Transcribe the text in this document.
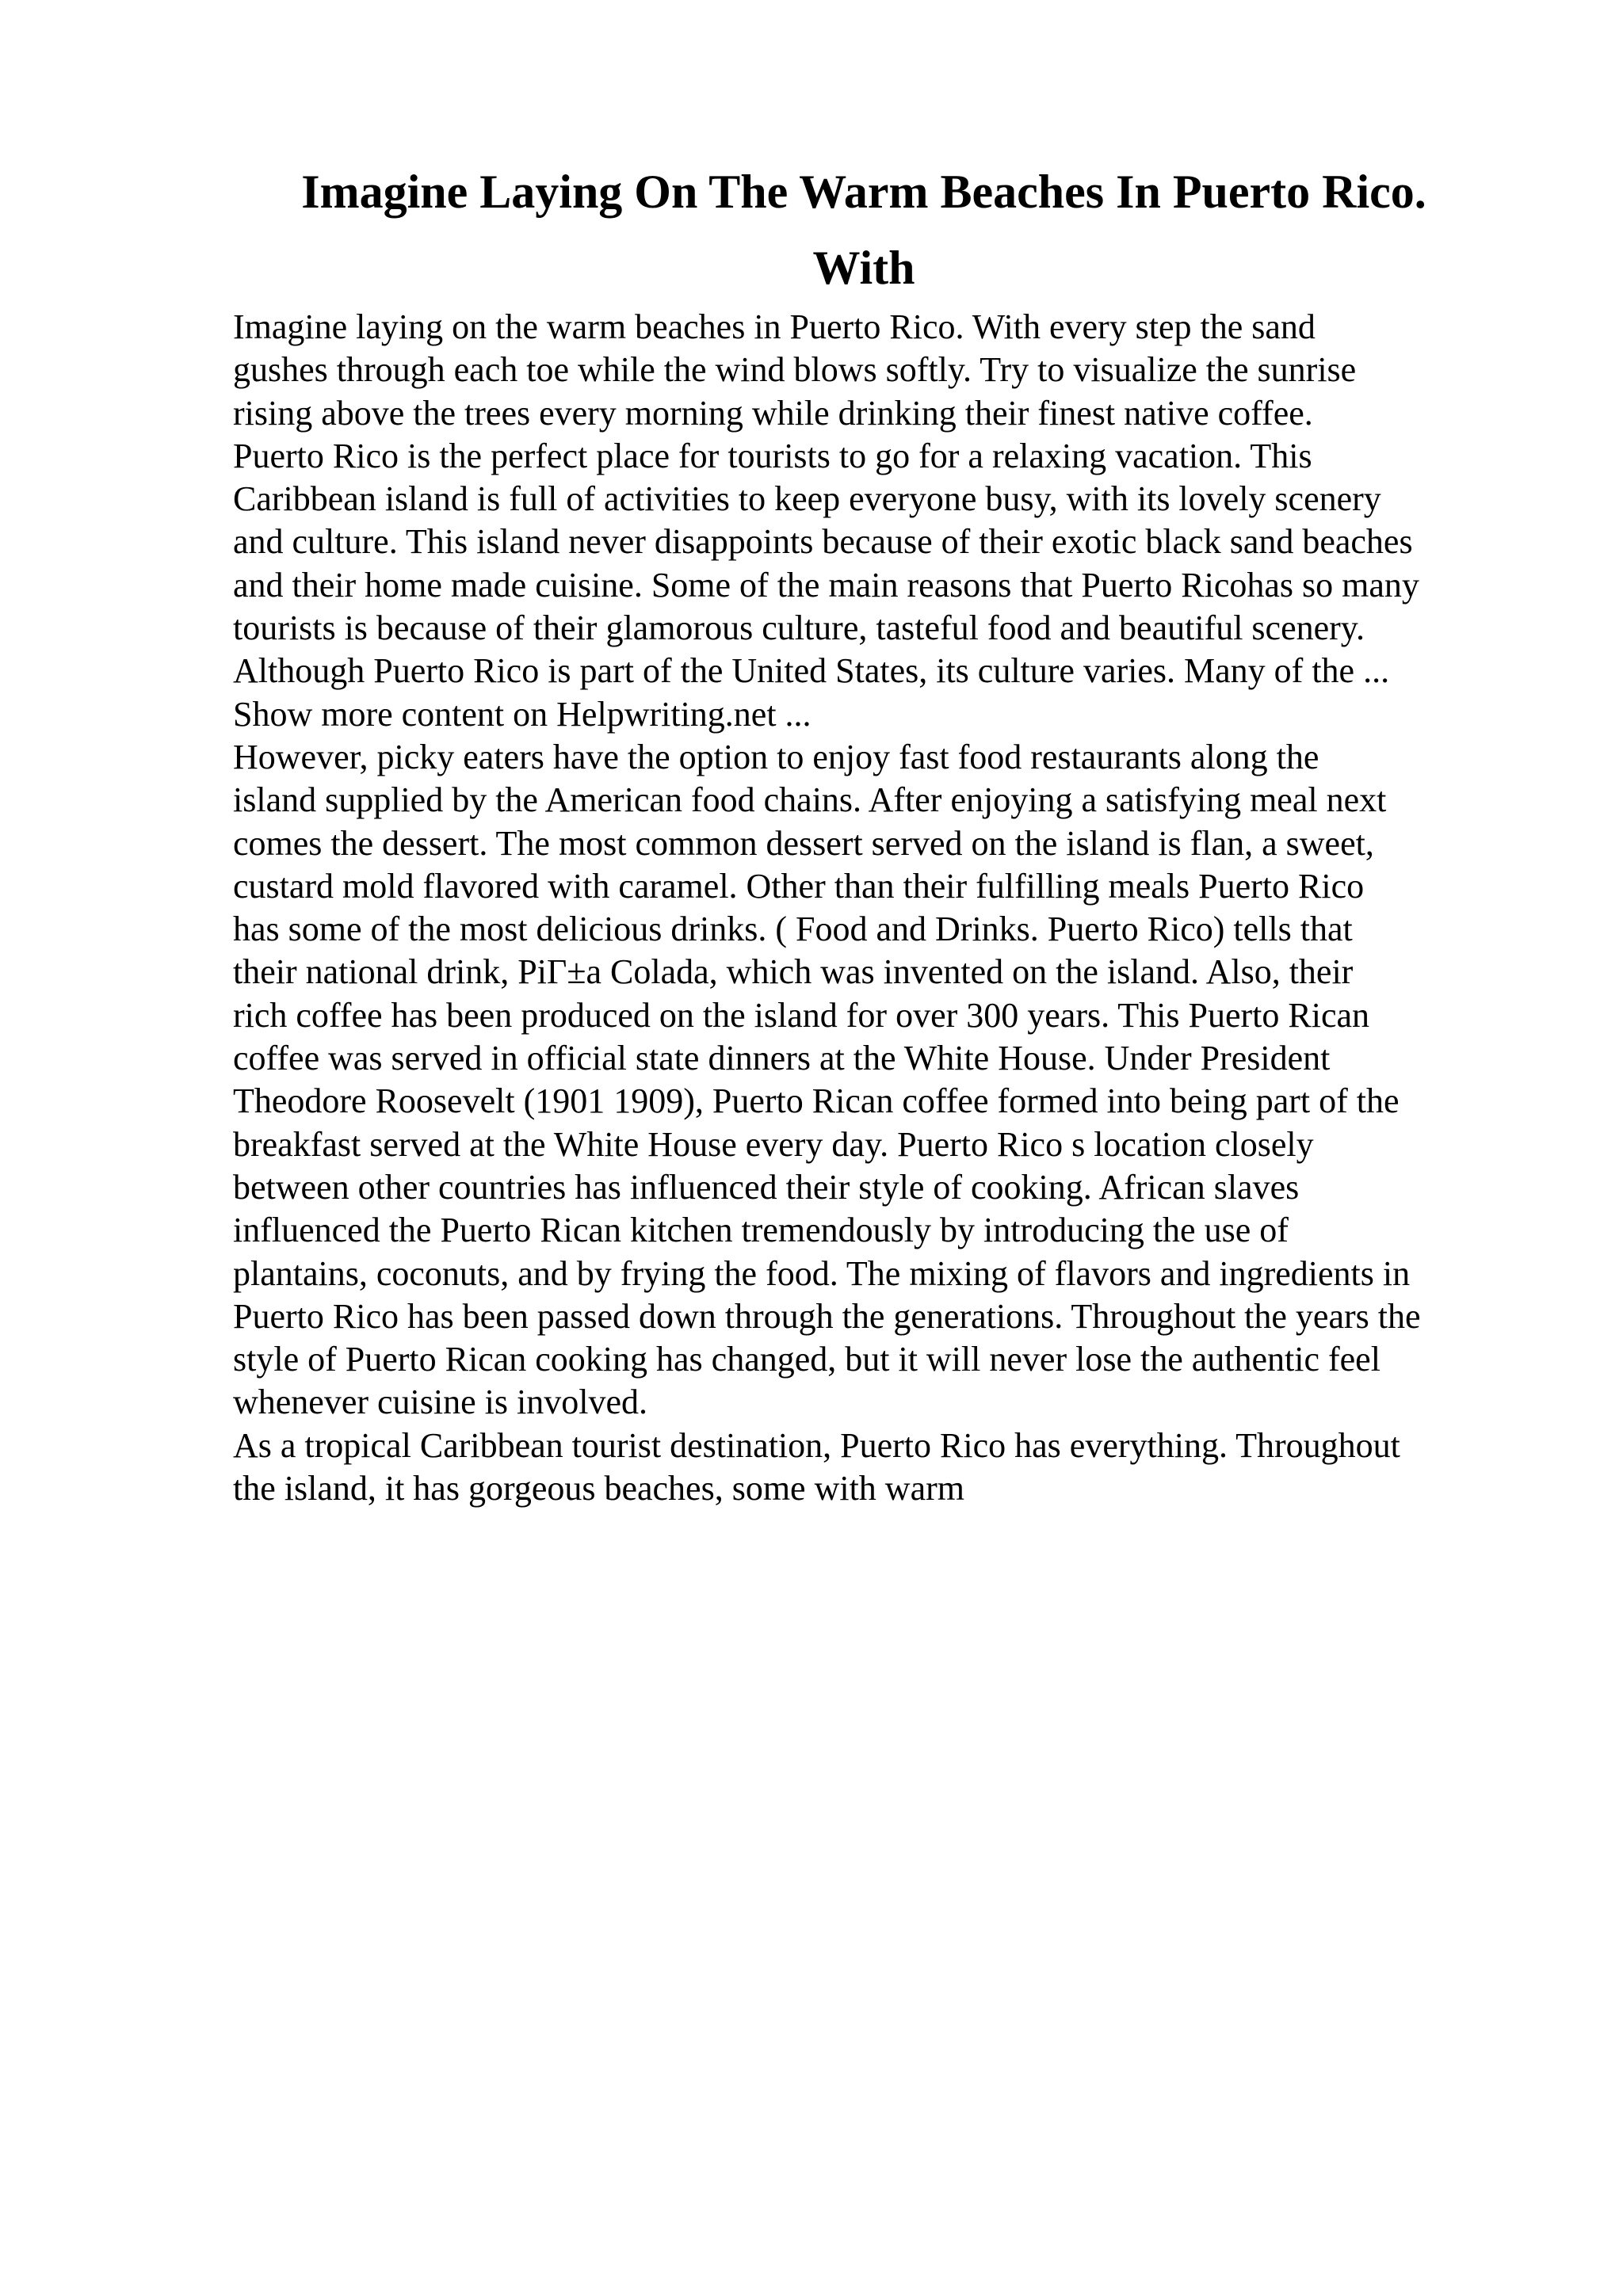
Imagine Laying On The Warm Beaches In Puerto Rico.
With
Imagine laying on the warm beaches in Puerto Rico. With every step the sand
gushes through each toe while the wind blows softly. Try to visualize the sunrise
rising above the trees every morning while drinking their finest native coffee.
Puerto Rico is the perfect place for tourists to go for a relaxing vacation. This
Caribbean island is full of activities to keep everyone busy, with its lovely scenery
and culture. This island never disappoints because of their exotic black sand beaches
and their home made cuisine. Some of the main reasons that Puerto Ricohas so many
tourists is because of their glamorous culture, tasteful food and beautiful scenery.
Although Puerto Rico is part of the United States, its culture varies. Many of the ...
Show more content on Helpwriting.net ...
However, picky eaters have the option to enjoy fast food restaurants along the
island supplied by the American food chains. After enjoying a satisfying meal next
comes the dessert. The most common dessert served on the island is flan, a sweet,
custard mold flavored with caramel. Other than their fulfilling meals Puerto Rico
has some of the most delicious drinks. ( Food and Drinks. Puerto Rico) tells that
their national drink, PiΓ±a Colada, which was invented on the island. Also, their
rich coffee has been produced on the island for over 300 years. This Puerto Rican
coffee was served in official state dinners at the White House. Under President
Theodore Roosevelt (1901 1909), Puerto Rican coffee formed into being part of the
breakfast served at the White House every day. Puerto Rico s location closely
between other countries has influenced their style of cooking. African slaves
influenced the Puerto Rican kitchen tremendously by introducing the use of
plantains, coconuts, and by frying the food. The mixing of flavors and ingredients in
Puerto Rico has been passed down through the generations. Throughout the years the
style of Puerto Rican cooking has changed, but it will never lose the authentic feel
whenever cuisine is involved.
As a tropical Caribbean tourist destination, Puerto Rico has everything. Throughout
the island, it has gorgeous beaches, some with warm
